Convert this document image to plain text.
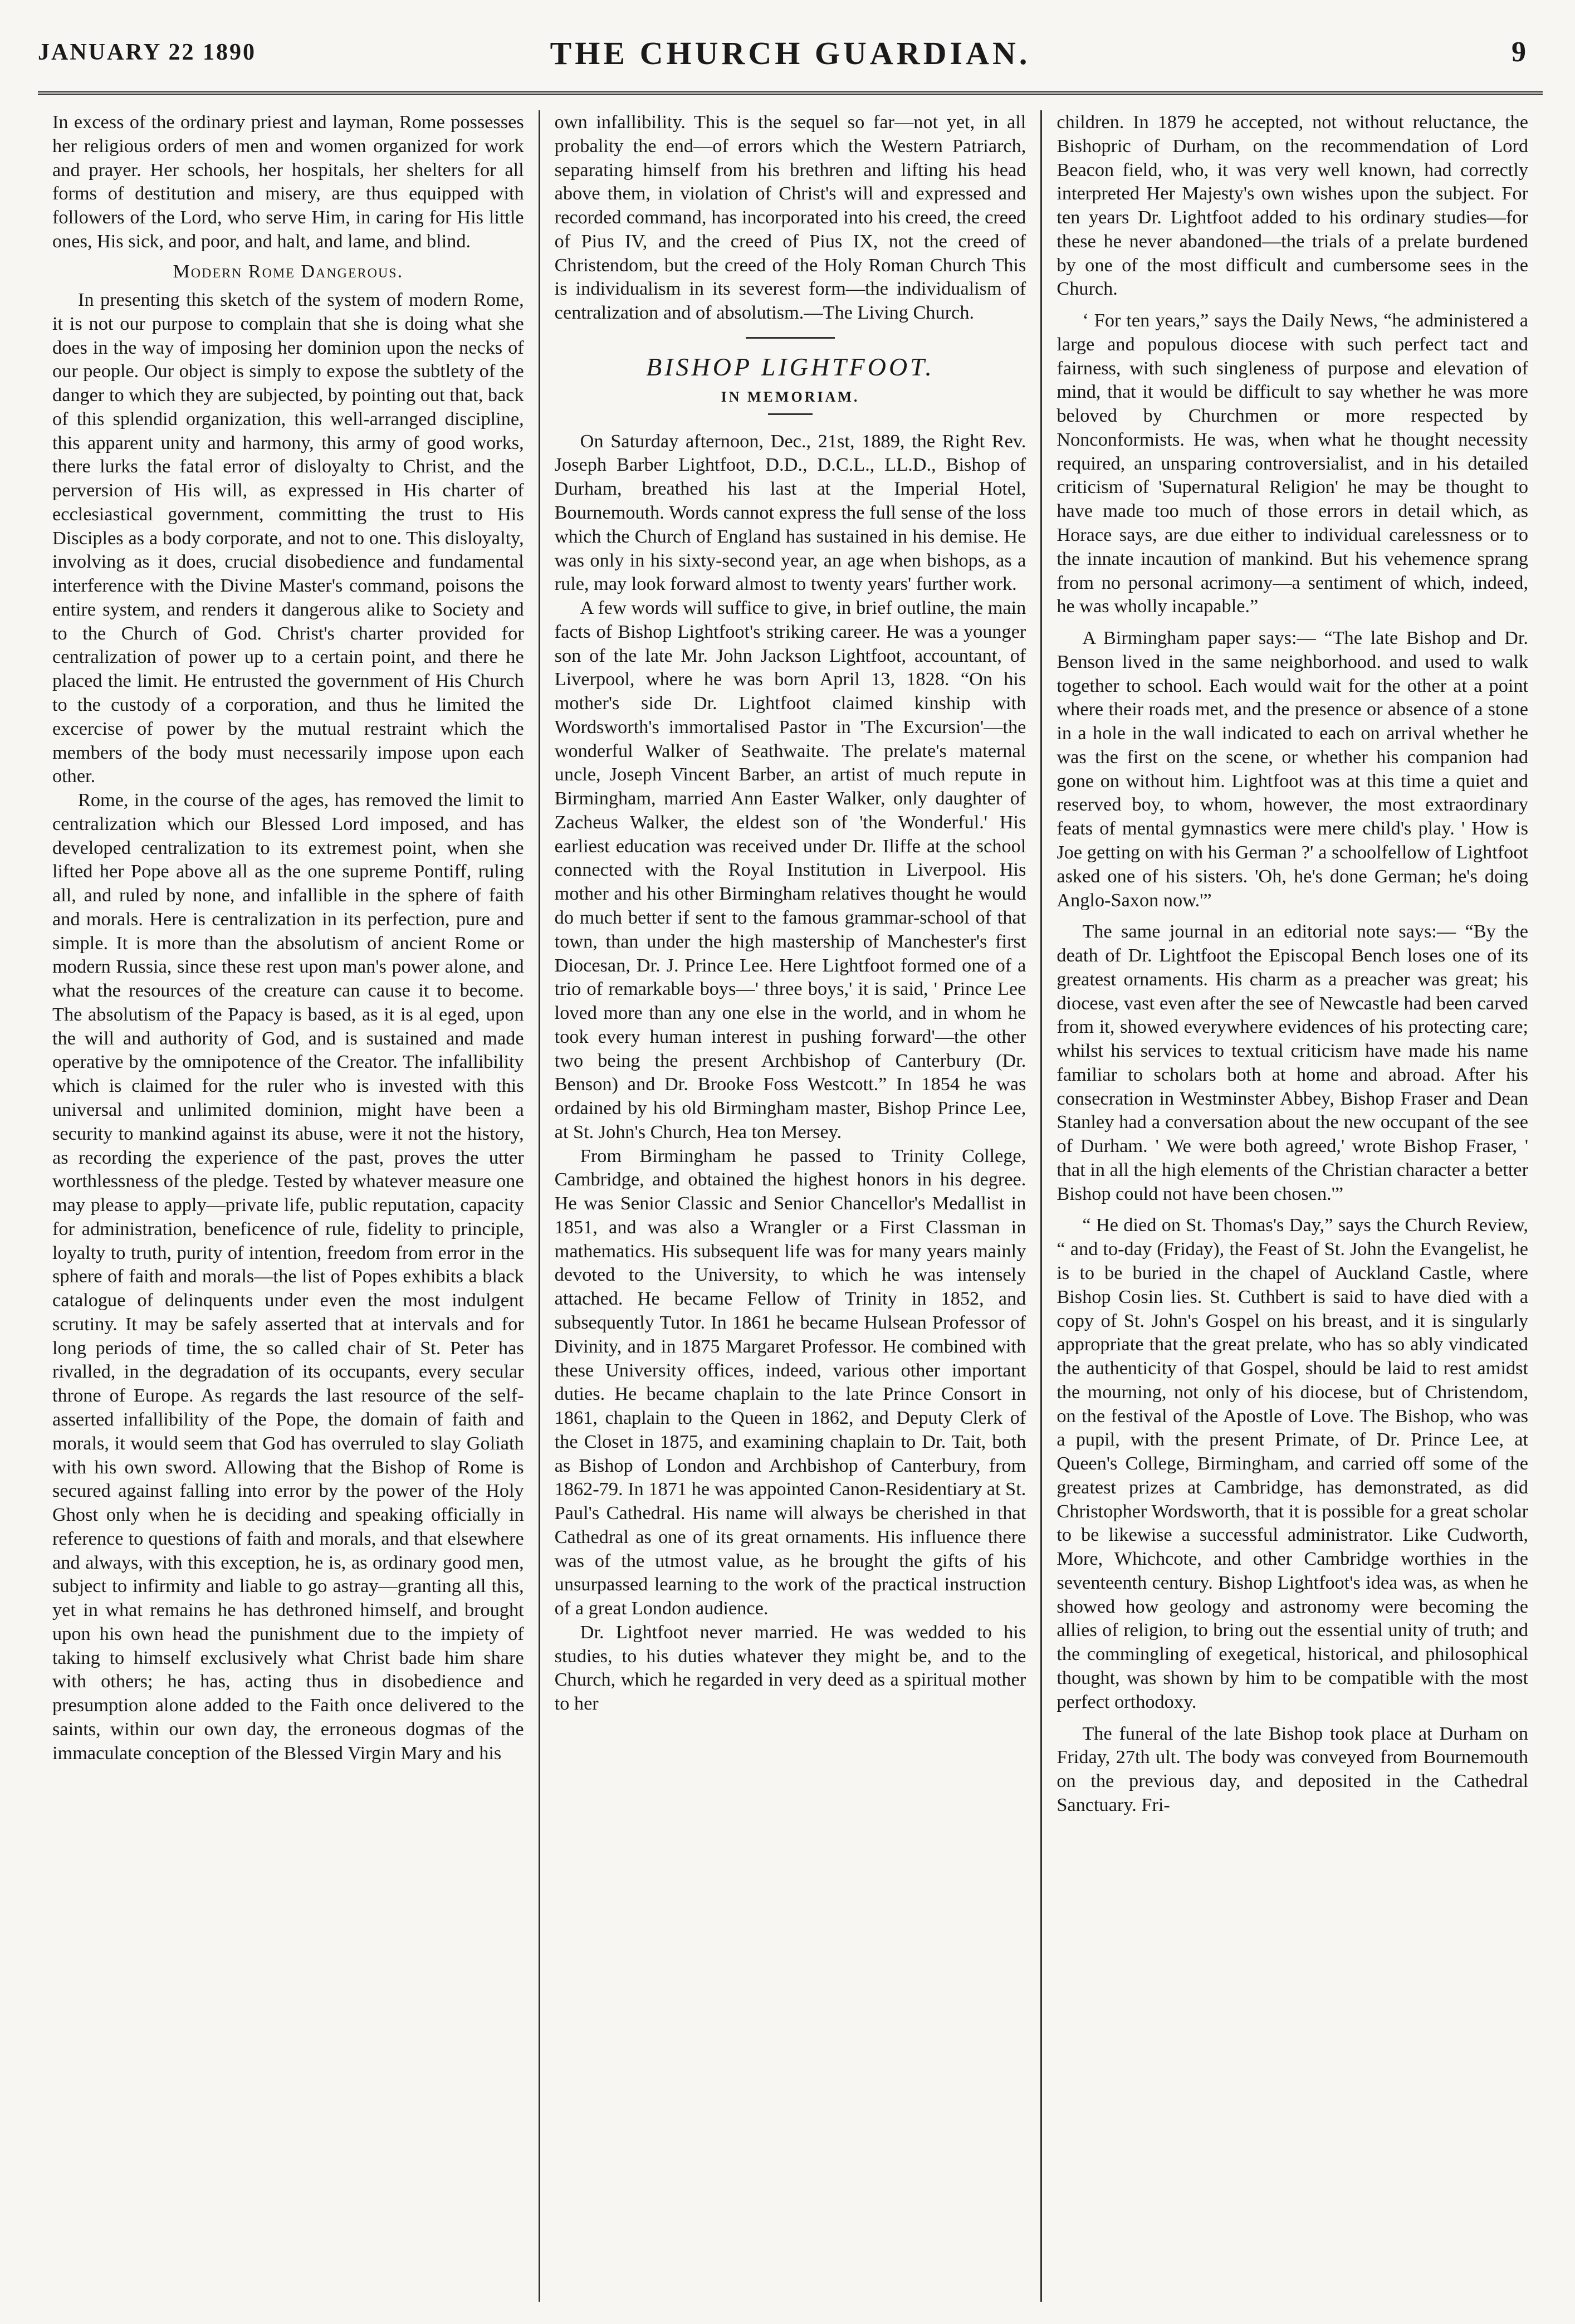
JANUARY 22 1890	THE CHURCH GUARDIAN.	9

In excess of the ordinary priest and layman, Rome possesses her religious orders of men and women organized for work and prayer. Her schools, her hospitals, her shelters for all forms of destitution and misery, are thus equipped with followers of the Lord, who serve Him, in caring for His little ones, His sick, and poor, and halt, and lame, and blind.

Modern Rome Dangerous.

In presenting this sketch of the system of modern Rome, it is not our purpose to complain that she is doing what she does in the way of imposing her dominion upon the necks of our people. Our object is simply to expose the subtlety of the danger to which they are subjected, by pointing out that, back of this splendid organization, this well-arranged discipline, this apparent unity and harmony, this army of good works, there lurks the fatal error of disloyalty to Christ, and the perversion of His will, as expressed in His charter of ecclesiastical government, committing the trust to His Disciples as a body corporate, and not to one. This disloyalty, involving as it does, crucial disobedience and fundamental interference with the Divine Master's command, poisons the entire system, and renders it dangerous alike to Society and to the Church of God. Christ's charter provided for centralization of power up to a certain point, and there he placed the limit. He entrusted the government of His Church to the custody of a corporation, and thus he limited the excercise of power by the mutual restraint which the members of the body must necessarily impose upon each other.

Rome, in the course of the ages, has removed the limit to centralization which our Blessed Lord imposed, and has developed centralization to its extremest point, when she lifted her Pope above all as the one supreme Pontiff, ruling all, and ruled by none, and infallible in the sphere of faith and morals. Here is centralization in its perfection, pure and simple. It is more than the absolutism of ancient Rome or modern Russia, since these rest upon man's power alone, and what the resources of the creature can cause it to become. The absolutism of the Papacy is based, as it is al eged, upon the will and authority of God, and is sustained and made operative by the omnipotence of the Creator. The infallibility which is claimed for the ruler who is invested with this universal and unlimited dominion, might have been a security to mankind against its abuse, were it not the history, as recording the experience of the past, proves the utter worthlessness of the pledge. Tested by whatever measure one may please to apply—private life, public reputation, capacity for administration, beneficence of rule, fidelity to principle, loyalty to truth, purity of intention, freedom from error in the sphere of faith and morals—the list of Popes exhibits a black catalogue of delinquents under even the most indulgent scrutiny. It may be safely asserted that at intervals and for long periods of time, the so called chair of St. Peter has rivalled, in the degradation of its occupants, every secular throne of Europe. As regards the last resource of the self-asserted infallibility of the Pope, the domain of faith and morals, it would seem that God has overruled to slay Goliath with his own sword. Allowing that the Bishop of Rome is secured against falling into error by the power of the Holy Ghost only when he is deciding and speaking officially in reference to questions of faith and morals, and that elsewhere and always, with this exception, he is, as ordinary good men, subject to infirmity and liable to go astray—granting all this, yet in what remains he has dethroned himself, and brought upon his own head the punishment due to the impiety of taking to himself exclusively what Christ bade him share with others; he has, acting thus in disobedience and presumption alone added to the Faith once delivered to the saints, within our own day, the erroneous dogmas of the immaculate conception of the Blessed Virgin Mary and his

own infallibility. This is the sequel so far—not yet, in all probality the end—of errors which the Western Patriarch, separating himself from his brethren and lifting his head above them, in violation of Christ's will and expressed and recorded command, has incorporated into his creed, the creed of Pius IV, and the creed of Pius IX, not the creed of Christendom, but the creed of the Holy Roman Church This is individualism in its severest form—the individualism of centralization and of absolutism.—The Living Church.

BISHOP LIGHTFOOT.
IN MEMORIAM.

On Saturday afternoon, Dec., 21st, 1889, the Right Rev. Joseph Barber Lightfoot, D.D., D.C.L., LL.D., Bishop of Durham, breathed his last at the Imperial Hotel, Bournemouth. Words cannot express the full sense of the loss which the Church of England has sustained in his demise. He was only in his sixty-second year, an age when bishops, as a rule, may look forward almost to twenty years' further work.

A few words will suffice to give, in brief outline, the main facts of Bishop Lightfoot's striking career. He was a younger son of the late Mr. John Jackson Lightfoot, accountant, of Liverpool, where he was born April 13, 1828. “On his mother's side Dr. Lightfoot claimed kinship with Wordsworth's immortalised Pastor in 'The Excursion'—the wonderful Walker of Seathwaite. The prelate's maternal uncle, Joseph Vincent Barber, an artist of much repute in Birmingham, married Ann Easter Walker, only daughter of Zacheus Walker, the eldest son of 'the Wonderful.' His earliest education was received under Dr. Iliffe at the school connected with the Royal Institution in Liverpool. His mother and his other Birmingham relatives thought he would do much better if sent to the famous grammar-school of that town, than under the high mastership of Manchester's first Diocesan, Dr. J. Prince Lee. Here Lightfoot formed one of a trio of remarkable boys—' three boys,' it is said, ' Prince Lee loved more than any one else in the world, and in whom he took every human interest in pushing forward'—the other two being the present Archbishop of Canterbury (Dr. Benson) and Dr. Brooke Foss Westcott.” In 1854 he was ordained by his old Birmingham master, Bishop Prince Lee, at St. John's Church, Hea ton Mersey.

From Birmingham he passed to Trinity College, Cambridge, and obtained the highest honors in his degree. He was Senior Classic and Senior Chancellor's Medallist in 1851, and was also a Wrangler or a First Classman in mathematics. His subsequent life was for many years mainly devoted to the University, to which he was intensely attached. He became Fellow of Trinity in 1852, and subsequently Tutor. In 1861 he became Hulsean Professor of Divinity, and in 1875 Margaret Professor. He combined with these University offices, indeed, various other important duties. He became chaplain to the late Prince Consort in 1861, chaplain to the Queen in 1862, and Deputy Clerk of the Closet in 1875, and examining chaplain to Dr. Tait, both as Bishop of London and Archbishop of Canterbury, from 1862-79. In 1871 he was appointed Canon-Residentiary at St. Paul's Cathedral. His name will always be cherished in that Cathedral as one of its great ornaments. His influence there was of the utmost value, as he brought the gifts of his unsurpassed learning to the work of the practical instruction of a great London audience.

Dr. Lightfoot never married. He was wedded to his studies, to his duties whatever they might be, and to the Church, which he regarded in very deed as a spiritual mother to her

children. In 1879 he accepted, not without reluctance, the Bishopric of Durham, on the recommendation of Lord Beacon field, who, it was very well known, had correctly interpreted Her Majesty's own wishes upon the subject. For ten years Dr. Lightfoot added to his ordinary studies—for these he never abandoned—the trials of a prelate burdened by one of the most difficult and cumbersome sees in the Church.

‘ For ten years,” says the Daily News, “he administered a large and populous diocese with such perfect tact and fairness, with such singleness of purpose and elevation of mind, that it would be difficult to say whether he was more beloved by Churchmen or more respected by Nonconformists. He was, when what he thought necessity required, an unsparing controversialist, and in his detailed criticism of 'Supernatural Religion' he may be thought to have made too much of those errors in detail which, as Horace says, are due either to individual carelessness or to the innate incaution of mankind. But his vehemence sprang from no personal acrimony—a sentiment of which, indeed, he was wholly incapable.”

A Birmingham paper says:— “The late Bishop and Dr. Benson lived in the same neighborhood. and used to walk together to school. Each would wait for the other at a point where their roads met, and the presence or absence of a stone in a hole in the wall indicated to each on arrival whether he was the first on the scene, or whether his companion had gone on without him. Lightfoot was at this time a quiet and reserved boy, to whom, however, the most extraordinary feats of mental gymnastics were mere child's play. ' How is Joe getting on with his German ?' a schoolfellow of Lightfoot asked one of his sisters. 'Oh, he's done German; he's doing Anglo-Saxon now.'”

The same journal in an editorial note says:— “By the death of Dr. Lightfoot the Episcopal Bench loses one of its greatest ornaments. His charm as a preacher was great; his diocese, vast even after the see of Newcastle had been carved from it, showed everywhere evidences of his protecting care; whilst his services to textual criticism have made his name familiar to scholars both at home and abroad. After his consecration in Westminster Abbey, Bishop Fraser and Dean Stanley had a conversation about the new occupant of the see of Durham. ' We were both agreed,' wrote Bishop Fraser, ' that in all the high elements of the Christian character a better Bishop could not have been chosen.'”

“ He died on St. Thomas's Day,” says the Church Review, “ and to-day (Friday), the Feast of St. John the Evangelist, he is to be buried in the chapel of Auckland Castle, where Bishop Cosin lies. St. Cuthbert is said to have died with a copy of St. John's Gospel on his breast, and it is singularly appropriate that the great prelate, who has so ably vindicated the authenticity of that Gospel, should be laid to rest amidst the mourning, not only of his diocese, but of Christendom, on the festival of the Apostle of Love. The Bishop, who was a pupil, with the present Primate, of Dr. Prince Lee, at Queen's College, Birmingham, and carried off some of the greatest prizes at Cambridge, has demonstrated, as did Christopher Wordsworth, that it is possible for a great scholar to be likewise a successful administrator. Like Cudworth, More, Whichcote, and other Cambridge worthies in the seventeenth century. Bishop Lightfoot's idea was, as when he showed how geology and astronomy were becoming the allies of religion, to bring out the essential unity of truth; and the commingling of exegetical, historical, and philosophical thought, was shown by him to be compatible with the most perfect orthodoxy.

The funeral of the late Bishop took place at Durham on Friday, 27th ult. The body was conveyed from Bournemouth on the previous day, and deposited in the Cathedral Sanctuary. Fri-
